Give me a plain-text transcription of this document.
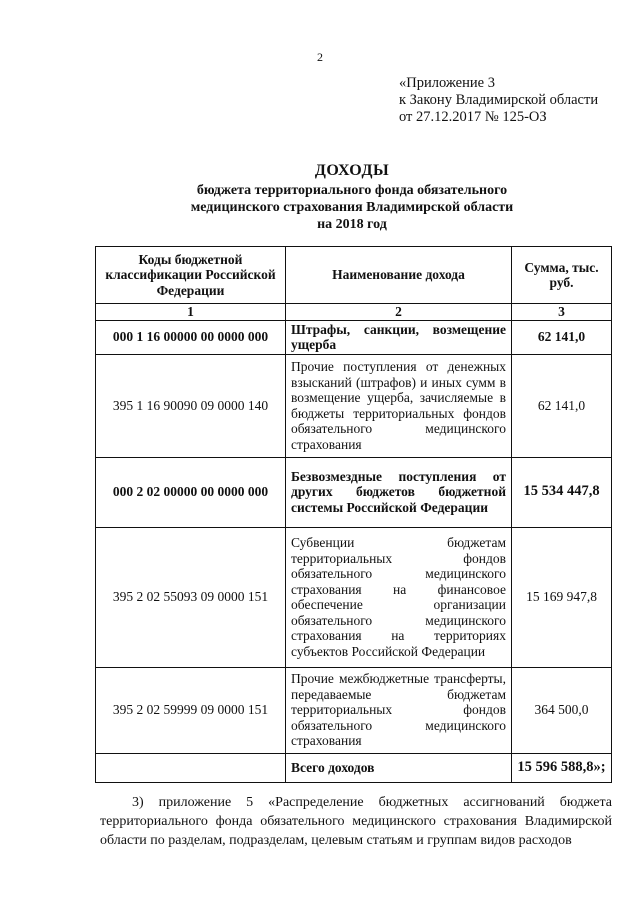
2
«Приложение 3
к Закону Владимирской области
от 27.12.2017 № 125-ОЗ
ДОХОДЫ
бюджета территориального фонда обязательного
медицинского страхования Владимирской области
на 2018 год
Коды бюджетной классификации Российской Федерации	Наименование дохода	Сумма, тыс. руб.
1	2	3
000 1 16 00000 00 0000 000	Штрафы, санкции, возмещение ущерба	62 141,0
395 1 16 90090 09 0000 140	Прочие поступления от денежных взысканий (штрафов) и иных сумм в возмещение ущерба, зачисляемые в бюджеты территориальных фондов обязательного медицинского страхования	62 141,0
000 2 02 00000 00 0000 000	Безвозмездные поступления от других бюджетов бюджетной системы Российской Федерации	15 534 447,8
395 2 02 55093 09 0000 151	Субвенции бюджетам территориальных фондов обязательного медицинского страхования на финансовое обеспечение организации обязательного медицинского страхования на территориях субъектов Российской Федерации	15 169 947,8
395 2 02 59999 09 0000 151	Прочие межбюджетные трансферты, передаваемые бюджетам территориальных фондов обязательного медицинского страхования	364 500,0
	Всего доходов	15 596 588,8»;

3) приложение 5 «Распределение бюджетных ассигнований бюджета территориального фонда обязательного медицинского страхования Владимирской области по разделам, подразделам, целевым статьям и группам видов расходов
